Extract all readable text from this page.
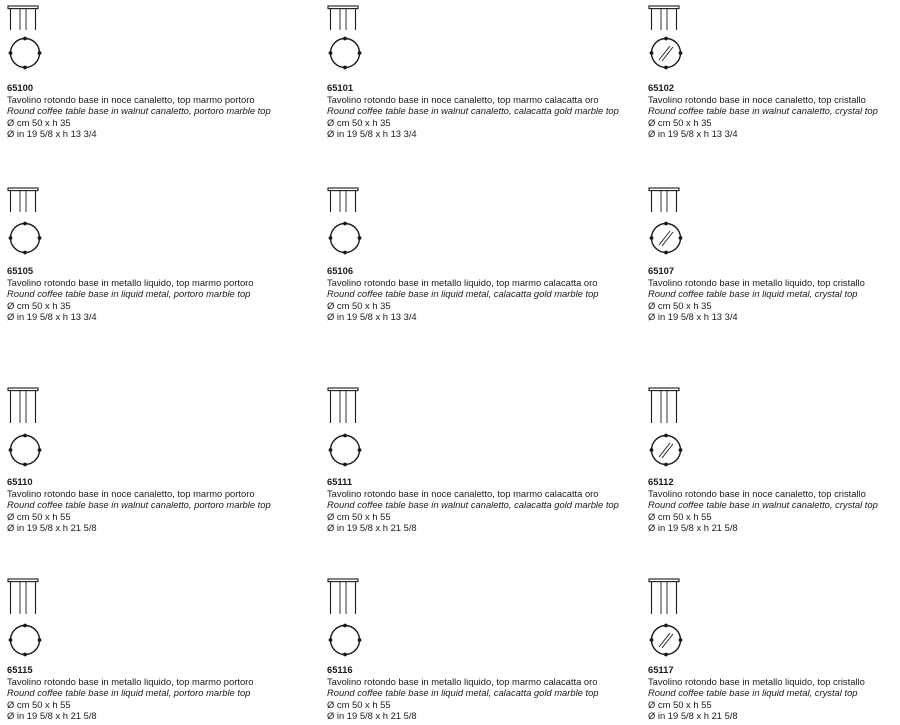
65100
Tavolino rotondo base in noce canaletto, top marmo portoro
Round coffee table base in walnut canaletto, portoro marble top
Ø cm 50 x h 35
Ø in 19 5/8 x h 13 3/4
65101
Tavolino rotondo base in noce canaletto, top marmo calacatta oro
Round coffee table base in walnut canaletto, calacatta gold marble top
Ø cm 50 x h 35
Ø in 19 5/8 x h 13 3/4
65102
Tavolino rotondo base in noce canaletto, top cristallo
Round coffee table base in walnut canaletto, crystal top
Ø cm 50 x h 35
Ø in 19 5/8 x h 13 3/4
65105
Tavolino rotondo base in metallo liquido, top marmo portoro
Round coffee table base in liquid metal, portoro marble top
Ø cm 50 x h 35
Ø in 19 5/8 x h 13 3/4
65106
Tavolino rotondo base in metallo liquido, top marmo calacatta oro
Round coffee table base in liquid metal, calacatta gold marble top
Ø cm 50 x h 35
Ø in 19 5/8 x h 13 3/4
65107
Tavolino rotondo base in metallo liquido, top cristallo
Round coffee table base in liquid metal, crystal top
Ø cm 50 x h 35
Ø in 19 5/8 x h 13 3/4
65110
Tavolino rotondo base in noce canaletto, top marmo portoro
Round coffee table base in walnut canaletto, portoro marble top
Ø cm 50 x h 55
Ø in 19 5/8 x h 21 5/8
65111
Tavolino rotondo base in noce canaletto, top marmo calacatta oro
Round coffee table base in walnut canaletto, calacatta gold marble top
Ø cm 50 x h 55
Ø in 19 5/8 x h 21 5/8
65112
Tavolino rotondo base in noce canaletto, top cristallo
Round coffee table base in walnut canaletto, crystal top
Ø cm 50 x h 55
Ø in 19 5/8 x h 21 5/8
65115
Tavolino rotondo base in metallo liquido, top marmo portoro
Round coffee table base in liquid metal, portoro marble top
Ø cm 50 x h 55
Ø in 19 5/8 x h 21 5/8
65116
Tavolino rotondo base in metallo liquido, top marmo calacatta oro
Round coffee table base in liquid metal, calacatta gold marble top
Ø cm 50 x h 55
Ø in 19 5/8 x h 21 5/8
65117
Tavolino rotondo base in metallo liquido, top cristallo
Round coffee table base in liquid metal, crystal top
Ø cm 50 x h 55
Ø in 19 5/8 x h 21 5/8
